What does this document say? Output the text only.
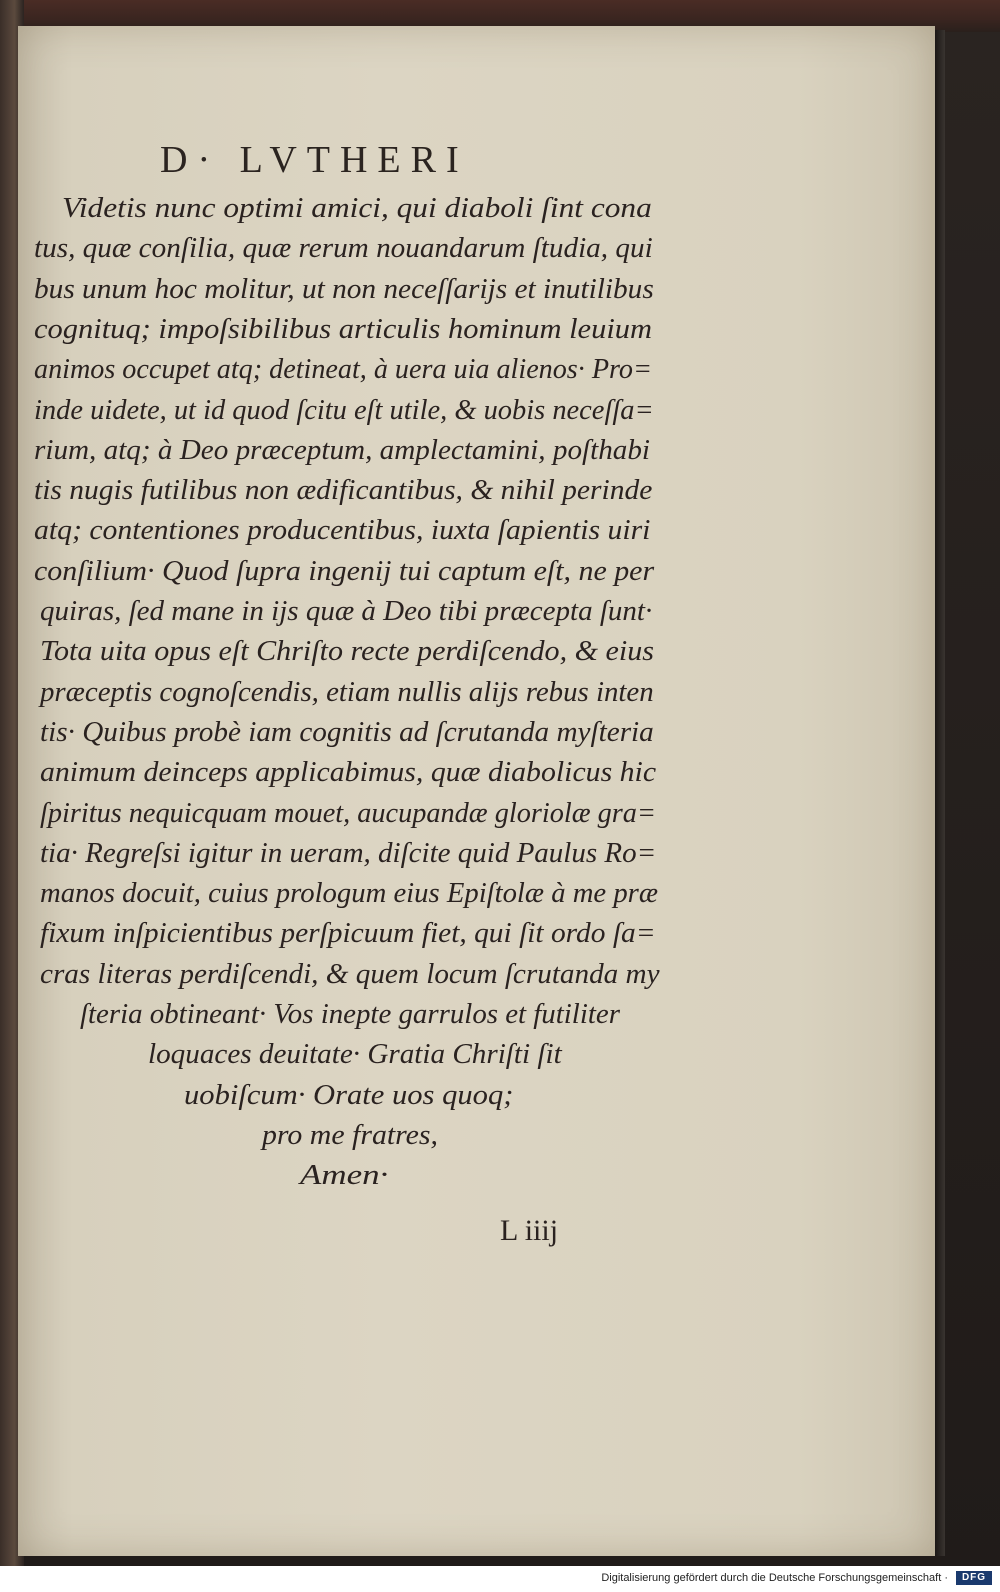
D· LVTHERI
Videtis nunc optimi amici, qui diaboli ſint cona
tus, quæ conſilia, quæ rerum nouandarum ſtudia, qui
bus unum hoc molitur, ut non neceſſarijs et inutilibus
cognituq; impoſsibilibus articulis hominum leuium
animos occupet atq; detineat, à uera uia alienos· Pro=
inde uidete, ut id quod ſcitu eſt utile, & uobis neceſſa=
rium, atq; à Deo præceptum, amplectamini, poſthabi
tis nugis futilibus non ædificantibus, & nihil perinde
atq; contentiones producentibus, iuxta ſapientis uiri
conſilium· Quod ſupra ingenij tui captum eſt, ne per
quiras, ſed mane in ijs quæ à Deo tibi præcepta ſunt·
Tota uita opus eſt Chriſto recte perdiſcendo, & eius
præceptis cognoſcendis, etiam nullis alijs rebus inten
tis· Quibus probè iam cognitis ad ſcrutanda myſteria
animum deinceps applicabimus, quæ diabolicus hic
ſpiritus nequicquam mouet, aucupandæ gloriolæ gra=
tia· Regreſsi igitur in ueram, diſcite quid Paulus Ro=
manos docuit, cuius prologum eius Epiſtolæ à me præ
fixum inſpicientibus perſpicuum fiet, qui ſit ordo ſa=
cras literas perdiſcendi, & quem locum ſcrutanda my
ſteria obtineant· Vos inepte garrulos et futiliter
loquaces deuitate· Gratia Chriſti ſit
uobiſcum· Orate uos quoq;
pro me fratres,
Amen·
L iiij
Digitalisierung gefördert durch die Deutsche Forschungsgemeinschaft ·	DFG
